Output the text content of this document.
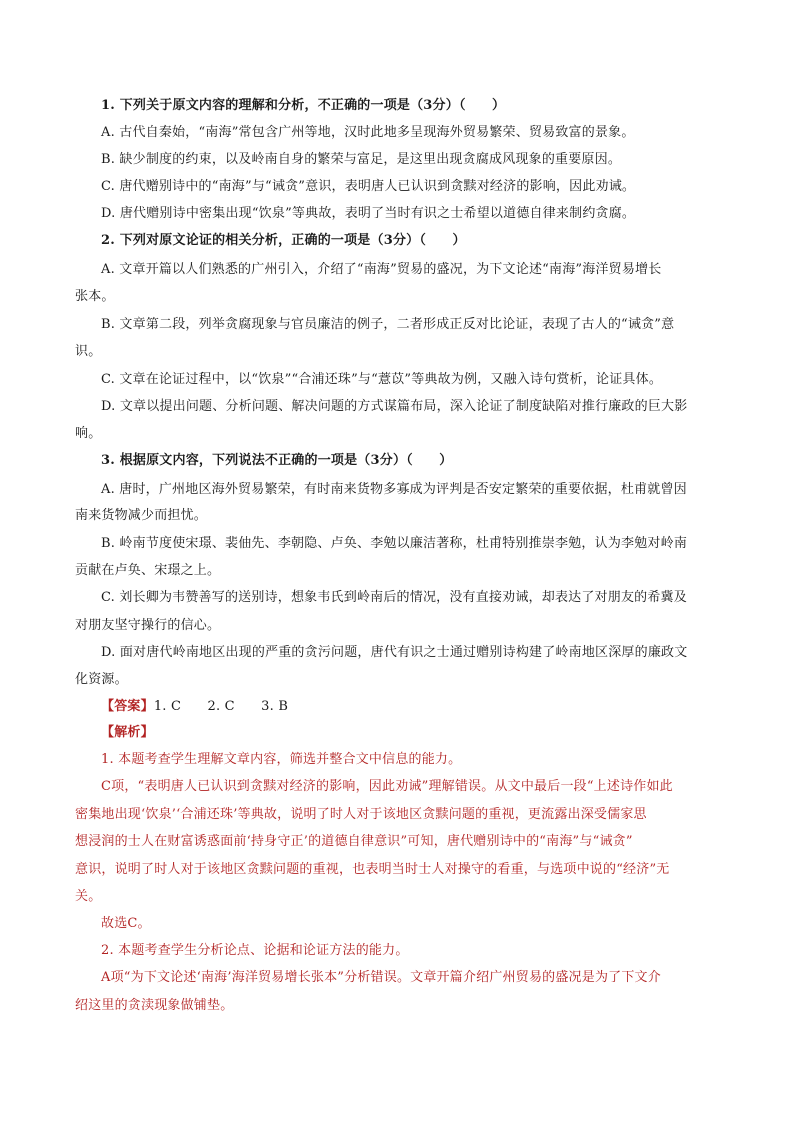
1. 下列关于原文内容的理解和分析，不正确的一项是（3分）（　　）
A. 古代自秦始，“南海”常包含广州等地，汉时此地多呈现海外贸易繁荣、贸易致富的景象。
B. 缺少制度的约束，以及岭南自身的繁荣与富足，是这里出现贪腐成风现象的重要原因。
C. 唐代赠别诗中的“南海”与“诫贪”意识，表明唐人已认识到贪黩对经济的影响，因此劝诫。
D. 唐代赠别诗中密集出现“饮泉”等典故，表明了当时有识之士希望以道德自律来制约贪腐。
2. 下列对原文论证的相关分析，正确的一项是（3分）（　　）
A. 文章开篇以人们熟悉的广州引入，介绍了“南海”贸易的盛况，为下文论述“南海”海洋贸易增长
张本。
B. 文章第二段，列举贪腐现象与官员廉洁的例子，二者形成正反对比论证，表现了古人的“诫贪”意
识。
C. 文章在论证过程中，以“饮泉”“合浦还珠”与“薏苡”等典故为例，又融入诗句赏析，论证具体。
D. 文章以提出问题、分析问题、解决问题的方式谋篇布局，深入论证了制度缺陷对推行廉政的巨大影
响。
3. 根据原文内容，下列说法不正确的一项是（3分）（　　）
A. 唐时，广州地区海外贸易繁荣，有时南来货物多寡成为评判是否安定繁荣的重要依据，杜甫就曾因
南来货物减少而担忧。
B. 岭南节度使宋璟、裴伷先、李朝隐、卢奂、李勉以廉洁著称，杜甫特别推崇李勉，认为李勉对岭南
贡献在卢奂、宋璟之上。
C. 刘长卿为韦赞善写的送别诗，想象韦氏到岭南后的情况，没有直接劝诫，却表达了对朋友的希冀及
对朋友坚守操行的信心。
D. 面对唐代岭南地区出现的严重的贪污问题，唐代有识之士通过赠别诗构建了岭南地区深厚的廉政文
化资源。
【答案】1. C　　2. C　　3. B
【解析】
1. 本题考查学生理解文章内容，筛选并整合文中信息的能力。
C项，“表明唐人已认识到贪黩对经济的影响，因此劝诫”理解错误。从文中最后一段“上述诗作如此
密集地出现‘饮泉’‘合浦还珠’等典故，说明了时人对于该地区贪黩问题的重视，更流露出深受儒家思
想浸润的士人在财富诱惑面前‘持身守正’的道德自律意识”可知，唐代赠别诗中的“南海”与“诫贪”
意识，说明了时人对于该地区贪黩问题的重视，也表明当时士人对操守的看重，与选项中说的“经济”无
关。
故选C。
2. 本题考查学生分析论点、论据和论证方法的能力。
A项“为下文论述‘南海’海洋贸易增长张本”分析错误。文章开篇介绍广州贸易的盛况是为了下文介
绍这里的贪渎现象做铺垫。
